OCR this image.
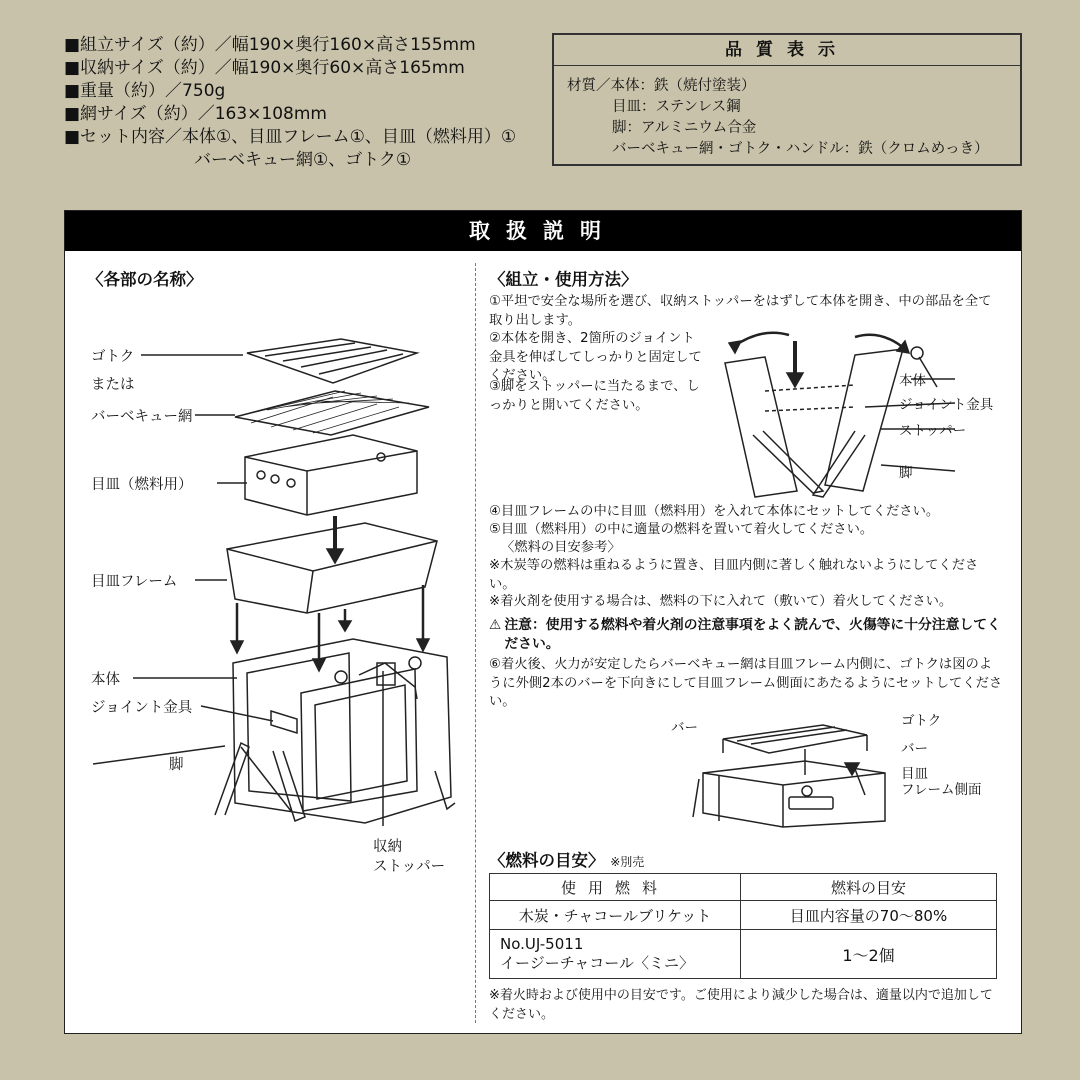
■組立サイズ（約）／幅190×奥行160×高さ155mm
■収納サイズ（約）／幅190×奥行60×高さ165mm
■重量（約）／750g
■網サイズ（約）／163×108mm
■セット内容／本体①、目皿フレーム①、目皿（燃料用）①
バーベキュー網①、ゴトク①
品質表示
材質／本体：鉄（焼付塗装）
目皿：ステンレス鋼
脚：アルミニウム合金
バーベキュー網・ゴトク・ハンドル：鉄（クロムめっき）
取扱説明
〈各部の名称〉
ゴトク
または
バーベキュー網
目皿（燃料用）
目皿フレーム
本体
ジョイント金具
脚
収納
ストッパー
〈組立・使用方法〉
①平坦で安全な場所を選び、収納ストッパーをはずして本体を開き、中の部品を全て取り出します。
②本体を開き、2箇所のジョイント金具を伸ばしてしっかりと固定してください。
③脚をストッパーに当たるまで、しっかりと開いてください。
本体
ジョイント金具
ストッパー
脚
④目皿フレームの中に目皿（燃料用）を入れて本体にセットしてください。
⑤目皿（燃料用）の中に適量の燃料を置いて着火してください。
〈燃料の目安参考〉
※木炭等の燃料は重ねるように置き、目皿内側に著しく触れないようにしてください。
※着火剤を使用する場合は、燃料の下に入れて（敷いて）着火してください。
⚠ 注意：使用する燃料や着火剤の注意事項をよく読んで、火傷等に十分注意してください。
⑥着火後、火力が安定したらバーベキュー網は目皿フレーム内側に、ゴトクは図のように外側2本のバーを下向きにして目皿フレーム側面にあたるようにセットしてください。
バー	ゴトク
バー
目皿
フレーム側面
〈燃料の目安〉 ※別売
使用燃料	燃料の目安
木炭・チャコールブリケット	目皿内容量の70〜80%

No.UJ-5011
イージーチャコール〈ミニ〉	1〜2個
※着火時および使用中の目安です。ご使用により減少した場合は、適量以内で追加してください。
